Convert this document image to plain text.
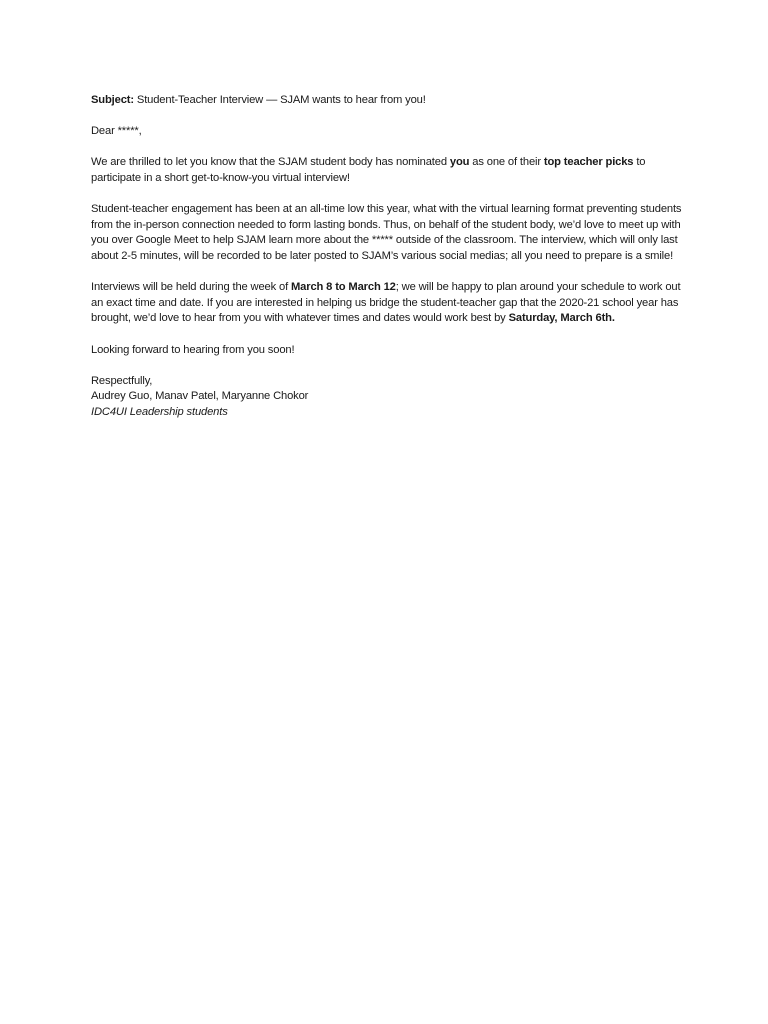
Subject: Student-Teacher Interview — SJAM wants to hear from you!

Dear *****,

We are thrilled to let you know that the SJAM student body has nominated you as one of their top teacher picks to participate in a short get-to-know-you virtual interview!

Student-teacher engagement has been at an all-time low this year, what with the virtual learning format preventing students from the in-person connection needed to form lasting bonds. Thus, on behalf of the student body, we’d love to meet up with you over Google Meet to help SJAM learn more about the ***** outside of the classroom. The interview, which will only last about 2-5 minutes, will be recorded to be later posted to SJAM’s various social medias; all you need to prepare is a smile!

Interviews will be held during the week of March 8 to March 12; we will be happy to plan around your schedule to work out an exact time and date. If you are interested in helping us bridge the student-teacher gap that the 2020-21 school year has brought, we’d love to hear from you with whatever times and dates would work best by Saturday, March 6th.

Looking forward to hearing from you soon!

Respectfully,

Audrey Guo, Manav Patel, Maryanne Chokor

IDC4UI Leadership students
